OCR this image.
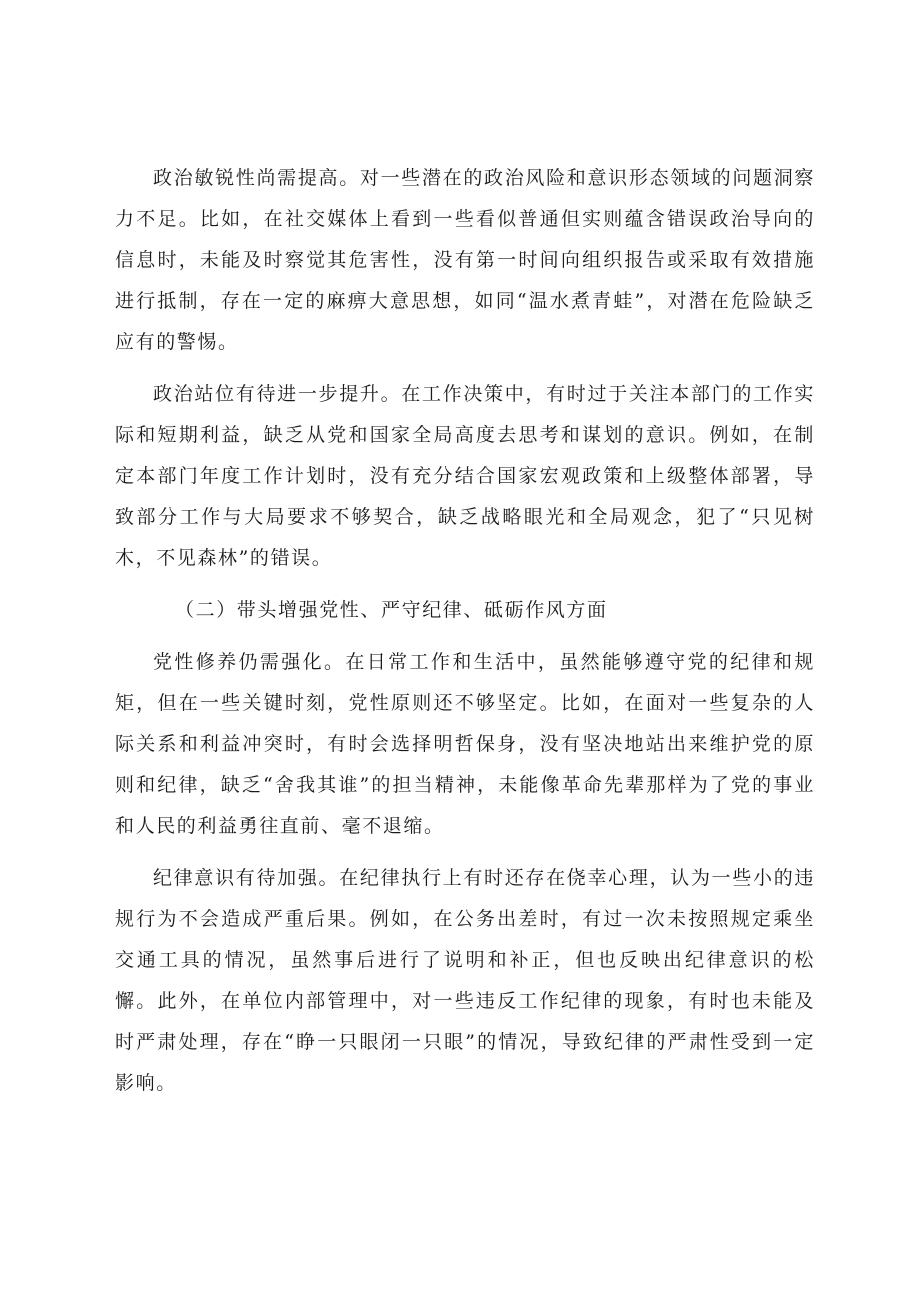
政治敏锐性尚需提高。对一些潜在的政治风险和意识形态领域的问题洞察力不足。比如，在社交媒体上看到一些看似普通但实则蕴含错误政治导向的信息时，未能及时察觉其危害性，没有第一时间向组织报告或采取有效措施进行抵制，存在一定的麻痹大意思想，如同“温水煮青蛙”，对潜在危险缺乏应有的警惕。

政治站位有待进一步提升。在工作决策中，有时过于关注本部门的工作实际和短期利益，缺乏从党和国家全局高度去思考和谋划的意识。例如，在制定本部门年度工作计划时，没有充分结合国家宏观政策和上级整体部署，导致部分工作与大局要求不够契合，缺乏战略眼光和全局观念，犯了“只见树木，不见森林”的错误。

（二）带头增强党性、严守纪律、砥砺作风方面

党性修养仍需强化。在日常工作和生活中，虽然能够遵守党的纪律和规矩，但在一些关键时刻，党性原则还不够坚定。比如，在面对一些复杂的人际关系和利益冲突时，有时会选择明哲保身，没有坚决地站出来维护党的原则和纪律，缺乏“舍我其谁”的担当精神，未能像革命先辈那样为了党的事业和人民的利益勇往直前、毫不退缩。

纪律意识有待加强。在纪律执行上有时还存在侥幸心理，认为一些小的违规行为不会造成严重后果。例如，在公务出差时，有过一次未按照规定乘坐交通工具的情况，虽然事后进行了说明和补正，但也反映出纪律意识的松懈。此外，在单位内部管理中，对一些违反工作纪律的现象，有时也未能及时严肃处理，存在“睁一只眼闭一只眼”的情况，导致纪律的严肃性受到一定影响。
